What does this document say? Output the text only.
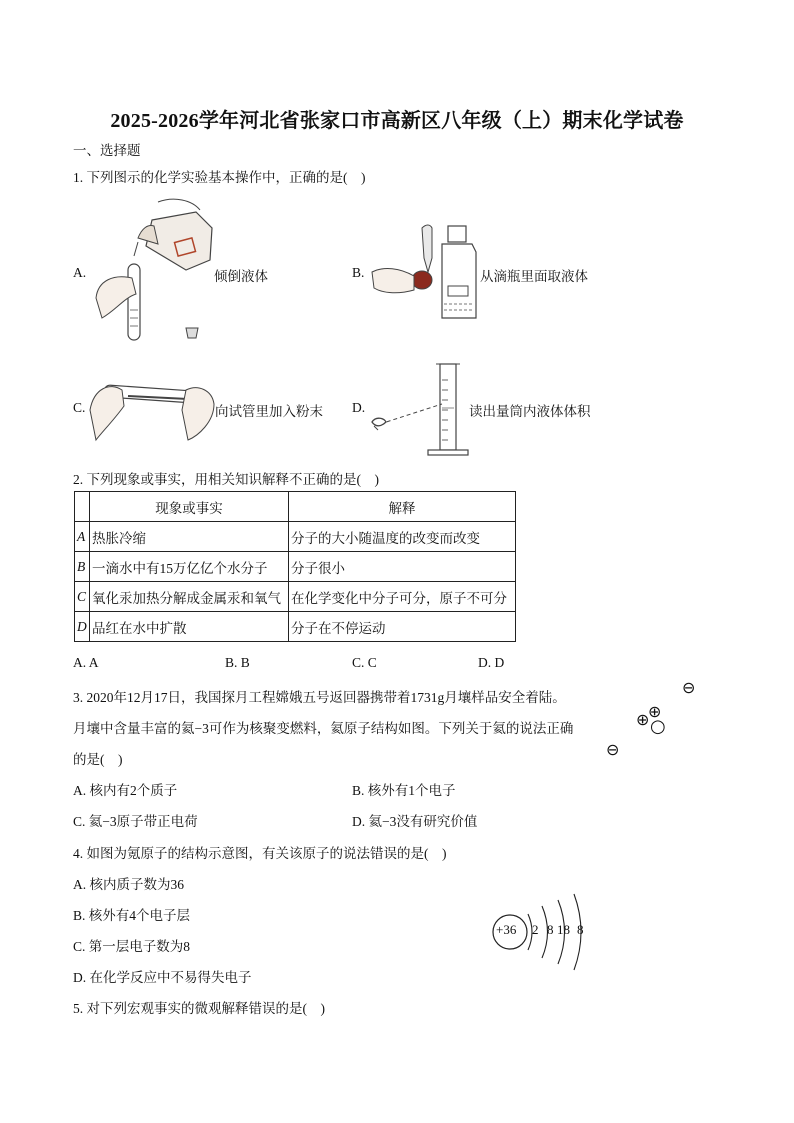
2025-2026学年河北省张家口市高新区八年级（上）期末化学试卷
一、选择题
1. 下列图示的化学实验基本操作中，正确的是(　)
A.	倾倒液体	B.	从滴瓶里面取液体
C.	向试管里加入粉末 D.	读出量筒内液体体积
2. 下列现象或事实，用相关知识解释不正确的是(　)
	现象或事实	解释
A	热胀冷缩	分子的大小随温度的改变而改变
B	一滴水中有15万亿亿个水分子	分子很小
C	氧化汞加热分解成金属汞和氧气	在化学变化中分子可分，原子不可分
D	品红在水中扩散	分子在不停运动
A. A	B. B	C. C	D. D
3. 2020年12月17日，我国探月工程嫦娥五号返回器携带着1731g月壤样品安全着陆。
月壤中含量丰富的氦−3可作为核聚变燃料，氦原子结构如图。下列关于氦的说法正确
的是(　)
⊖
⊕
⊕ ○
⊖
A. 核内有2个质子	B. 核外有1个电子
C. 氦−3原子带正电荷	D. 氦−3没有研究价值
4. 如图为氪原子的结构示意图，有关该原子的说法错误的是(　)
A. 核内质子数为36
B. 核外有4个电子层
C. 第一层电子数为8
D. 在化学反应中不易得失电子
+36 2 8 18 8
5. 对下列宏观事实的微观解释错误的是(　)
